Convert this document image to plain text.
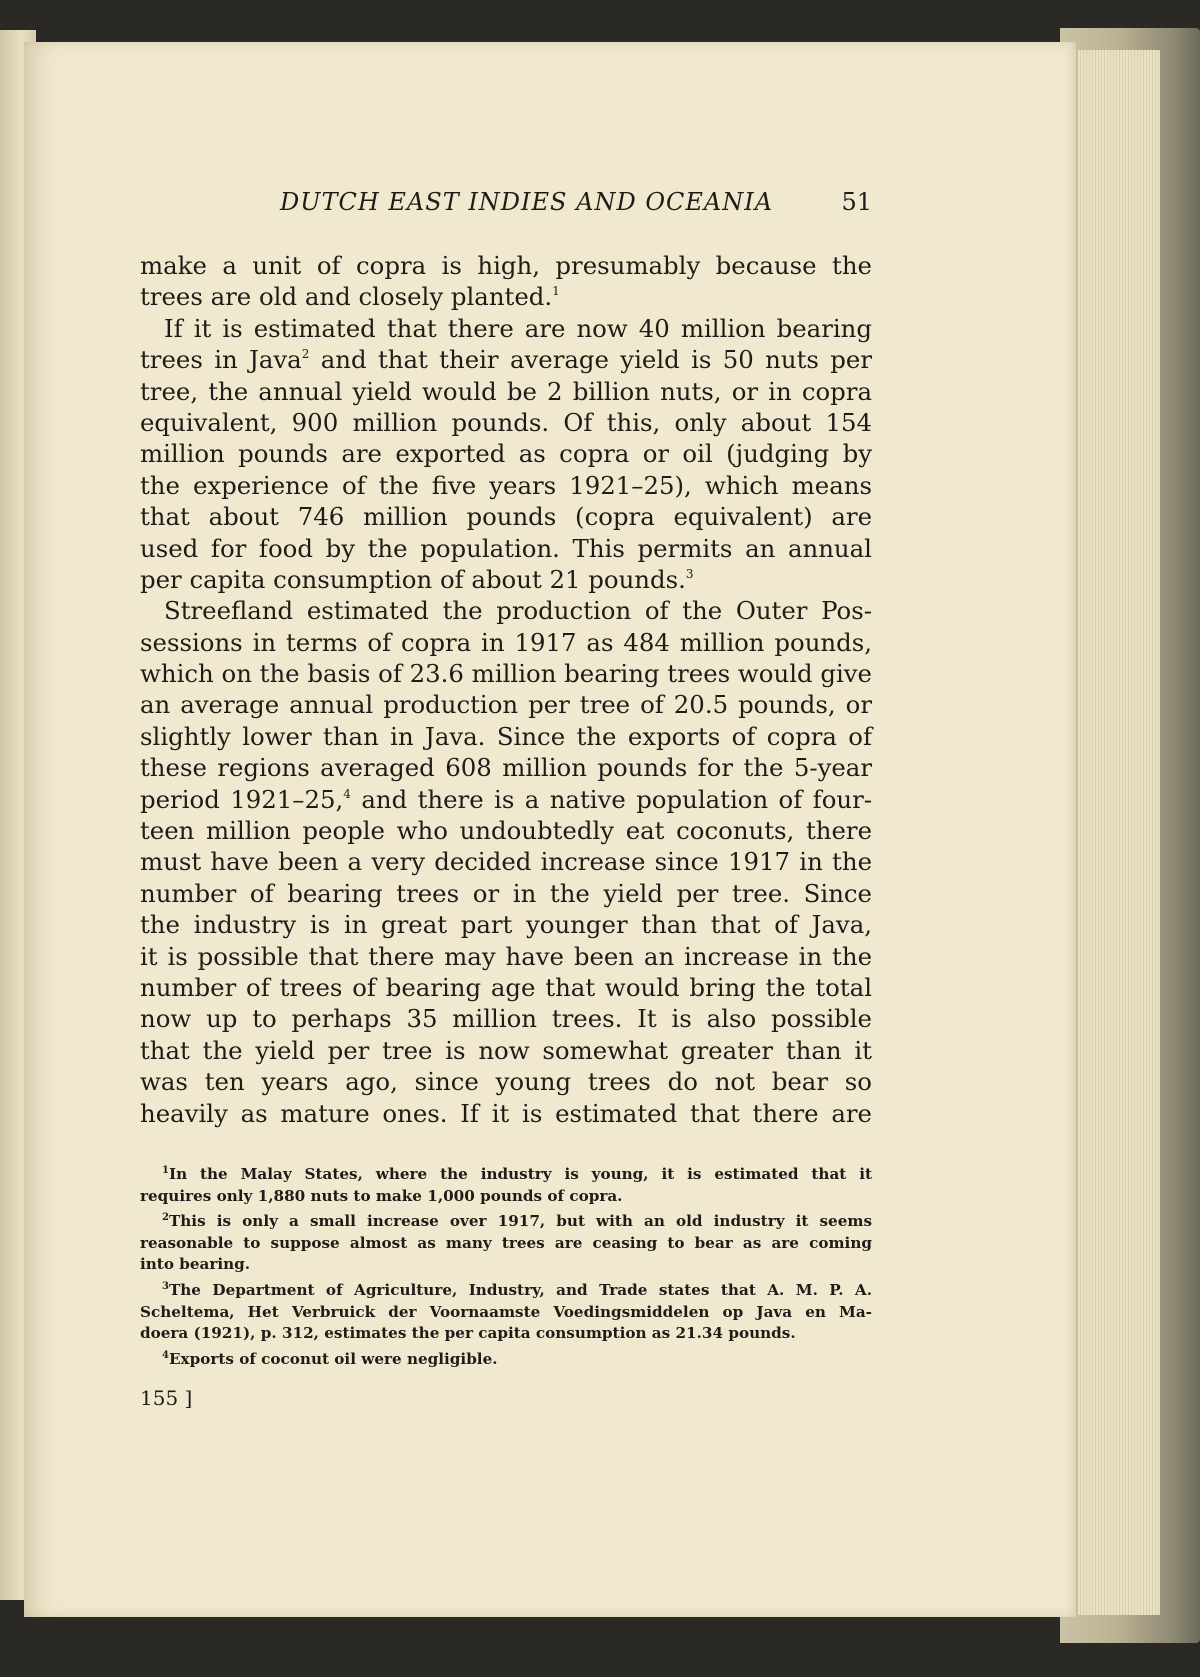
DUTCH EAST INDIES AND OCEANIA	51
make a unit of copra is high, presumably because the
trees are old and closely planted.$^1$
If it is estimated that there are now 40 million bearing
trees in Java$^2$ and that their average yield is 50 nuts per
tree, the annual yield would be 2 billion nuts, or in copra
equivalent, 900 million pounds. Of this, only about 154
million pounds are exported as copra or oil (judging by
the experience of the five years 1921–25), which means
that about 746 million pounds (copra equivalent) are
used for food by the population. This permits an annual
per capita consumption of about 21 pounds.$^3$
Streefland estimated the production of the Outer Pos-
sessions in terms of copra in 1917 as 484 million pounds,
which on the basis of 23.6 million bearing trees would give
an average annual production per tree of 20.5 pounds, or
slightly lower than in Java. Since the exports of copra of
these regions averaged 608 million pounds for the 5-year
period 1921–25,$^4$ and there is a native population of four-
teen million people who undoubtedly eat coconuts, there
must have been a very decided increase since 1917 in the
number of bearing trees or in the yield per tree. Since
the industry is in great part younger than that of Java,
it is possible that there may have been an increase in the
number of trees of bearing age that would bring the total
now up to perhaps 35 million trees. It is also possible
that the yield per tree is now somewhat greater than it
was ten years ago, since young trees do not bear so
heavily as mature ones. If it is estimated that there are
$^1$In the Malay States, where the industry is young, it is estimated that it
requires only 1,880 nuts to make 1,000 pounds of copra.
$^2$This is only a small increase over 1917, but with an old industry it seems
reasonable to suppose almost as many trees are ceasing to bear as are coming
into bearing.
$^3$The Department of Agriculture, Industry, and Trade states that A. M. P. A.
Scheltema, Het Verbruick der Voornaamste Voedingsmiddelen op Java en Ma-
doera (1921), p. 312, estimates the per capita consumption as 21.34 pounds.
$^4$Exports of coconut oil were negligible.
155 ]
